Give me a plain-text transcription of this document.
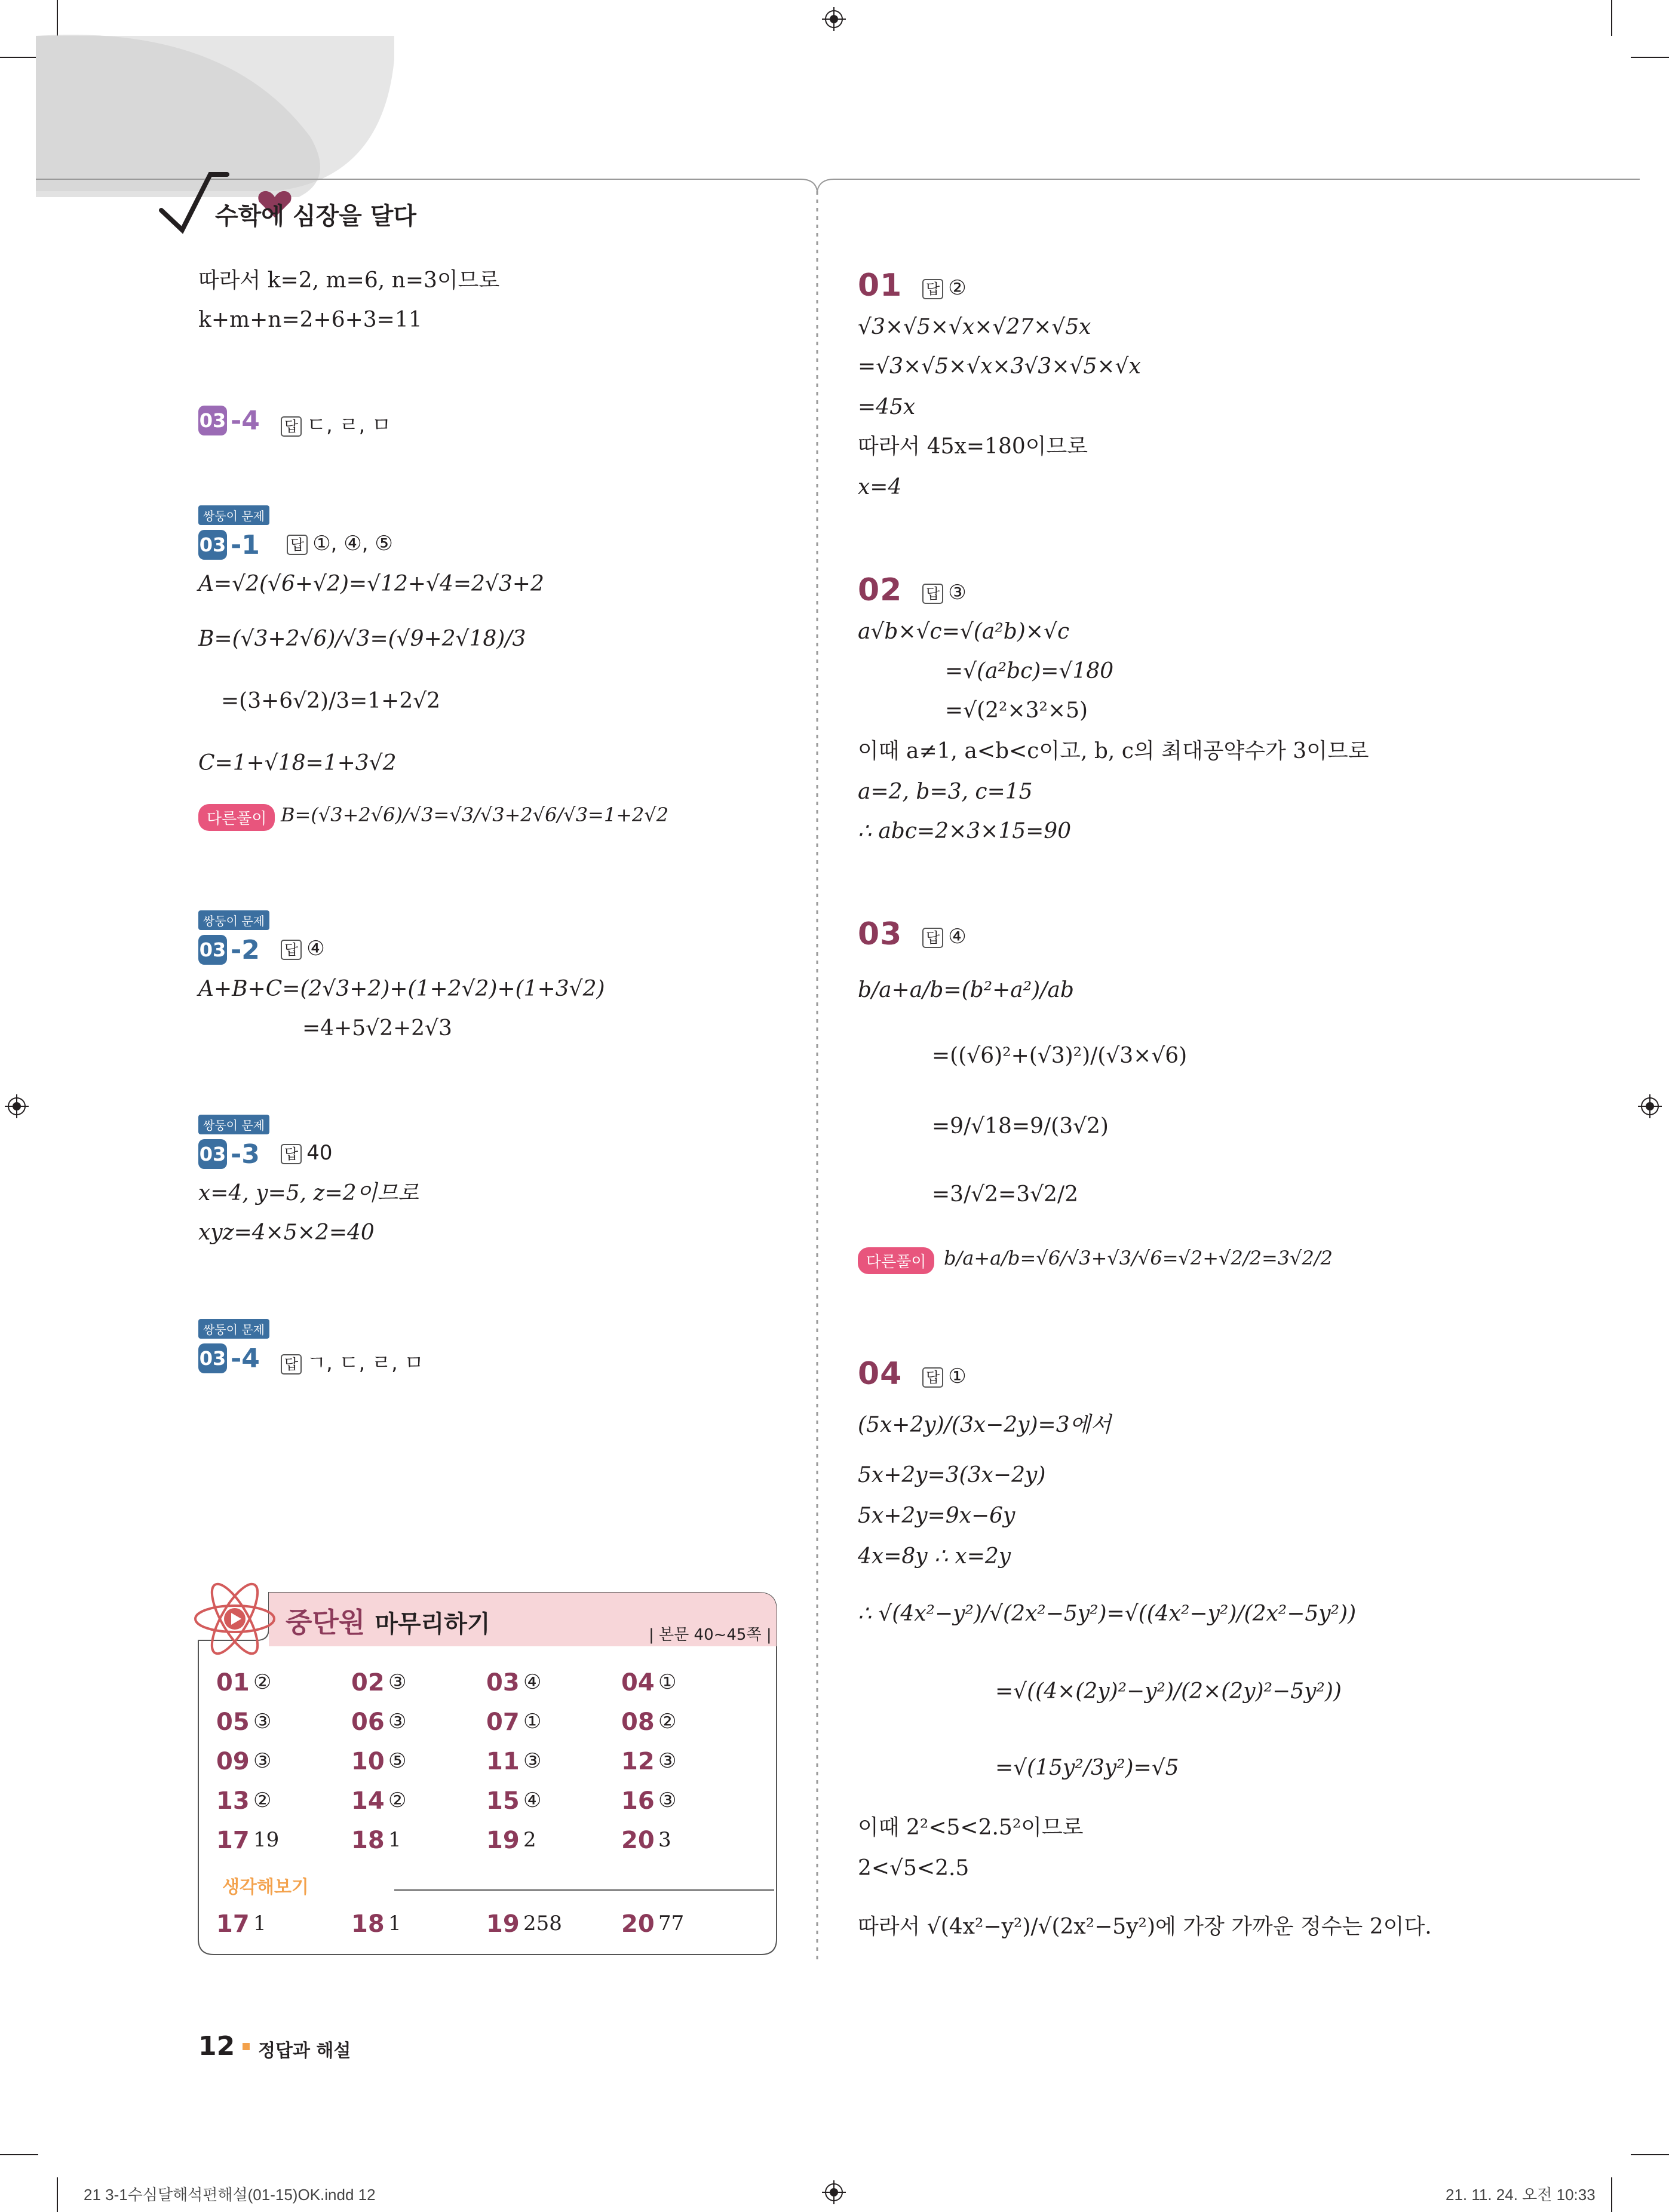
수학에 심장을 달다
따라서 k=2, m=6, n=3이므로
k+m+n=2+6+3=11
03 -4 답 ㄷ, ㄹ, ㅁ
쌍둥이 문제
03 -1 답 ①, ④, ⑤
A=√2(√6+√2)=√12+√4=2√3+2
B=(√3+2√6)/√3=(√9+2√18)/3
=(3+6√2)/3=1+2√2
C=1+√18=1+3√2
다른풀이 B=(√3+2√6)/√3=√3/√3+2√6/√3=1+2√2
쌍둥이 문제
03 -2 답 ④
A+B+C=(2√3+2)+(1+2√2)+(1+3√2)
=4+5√2+2√3
쌍둥이 문제
03 -3 답 40
x=4, y=5, z=2이므로
xyz=4×5×2=40
쌍둥이 문제
03 -4 답 ㄱ, ㄷ, ㄹ, ㅁ
중단원 마무리하기	| 본문 40~45쪽 |
01 ②	02 ③	03 ④	04 ①
05 ③	06 ③	07 ①	08 ②
09 ③	10 ⑤	11 ③	12 ③
13 ②	14 ②	15 ④	16 ③
17 19	18 1	19 2	20 3
생각해보기
17 1	18 1	19 258 20 77
01 답 ②
√3×√5×√x×√27×√5x
=√3×√5×√x×3√3×√5×√x
=45x
따라서 45x=180이므로
x=4
02 답 ③
a√b×√c=√(a²b)×√c
=√(a²bc)=√180
=√(2²×3²×5)
이때 a≠1, a<b<c이고, b, c의 최대공약수가 3이므로
a=2, b=3, c=15
∴ abc=2×3×15=90
03 답 ④
b/a+a/b=(b²+a²)/ab
=((√6)²+(√3)²)/(√3×√6)
=9/√18=9/(3√2)
=3/√2=3√2/2
다른풀이 b/a+a/b=√6/√3+√3/√6=√2+√2/2=3√2/2
04 답 ①
(5x+2y)/(3x−2y)=3에서
5x+2y=3(3x−2y)
5x+2y=9x−6y
4x=8y ∴ x=2y
∴ √(4x²−y²)/√(2x²−5y²)=√((4x²−y²)/(2x²−5y²))
=√((4×(2y)²−y²)/(2×(2y)²−5y²))
=√(15y²/3y²)=√5
이때 2²<5<2.5²이므로
2<√5<2.5
따라서 √(4x²−y²)/√(2x²−5y²)에 가장 가까운 정수는 2이다.
12 정답과 해설
21 3-1수심달해석편해설(01-15)OK.indd 12	21. 11. 24. 오전 10:33
